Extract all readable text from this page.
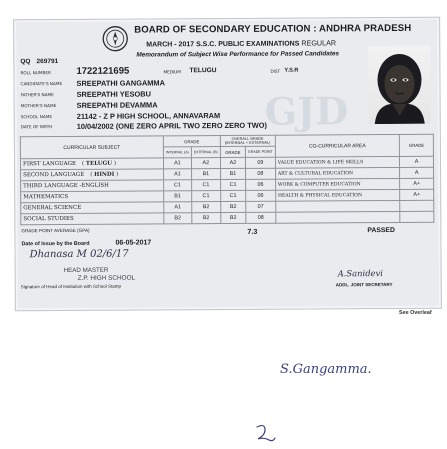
GJD
BOARD OF SECONDARY EDUCATION : ANDHRA PRADESH
MARCH - 2017 S.S.C. PUBLIC EXAMINATIONS REGULAR
Memorandum of Subject Wise Performance for Passed Candidates
QQ 269791
ROLL NUMBER	1722121695	MEDIUM TELUGU	DIST Y.S.R
CANDIDATE'S NAME SREEPATHI GANGAMMA
FATHER'S NAME	SREEPATHI YESOBU
MOTHER'S NAME	SREEPATHI DEVAMMA
SCHOOL NAME	21142 - Z P HIGH SCHOOL, ANNAVARAM
DATE OF BIRTH	10/04/2002 (ONE ZERO APRIL TWO ZERO ZERO TWO)
CURRICULAR SUBJECT	GRADE		OVERALL GRADE (INTERNAL + EXTERNAL)		CO-CURRICULAR AREA	GRADE
	INTERNAL (A)	EXTERNAL (B)	GRADE	GRADE POINT		
FIRST LANGUAGE ( TELUGU )	A1	A2	A2	09	VALUE EDUCATION & LIFE SKILLS	A
SECOND LANGUAGE ( HINDI )	A1	B1	B1	08	ART & CULTURAL EDUCATION	A
THIRD LANGUAGE -ENGLISH	C1	C1	C1	06	WORK & COMPUTER EDUCATION	A+
MATHEMATICS	B1	C1	C1	06	HEALTH & PHYSICAL EDUCATION	A+
GENERAL SCIENCE	A1	B2	B2	07		
SOCIAL STUDIES	B2	B2	B2	08		
GRADE POINT AVERAGE (GPA)	7.3	PASSED
Date of Issue by the Board	06-05-2017
Dhanasa M 02/6/17
HEAD MASTER
Z.P. HIGH SCHOOL
Signature of Head of Institution with School Stamp
A.Sanidevi
ADDL. JOINT SECRETARY
See Overleaf
S.Gangamma.
